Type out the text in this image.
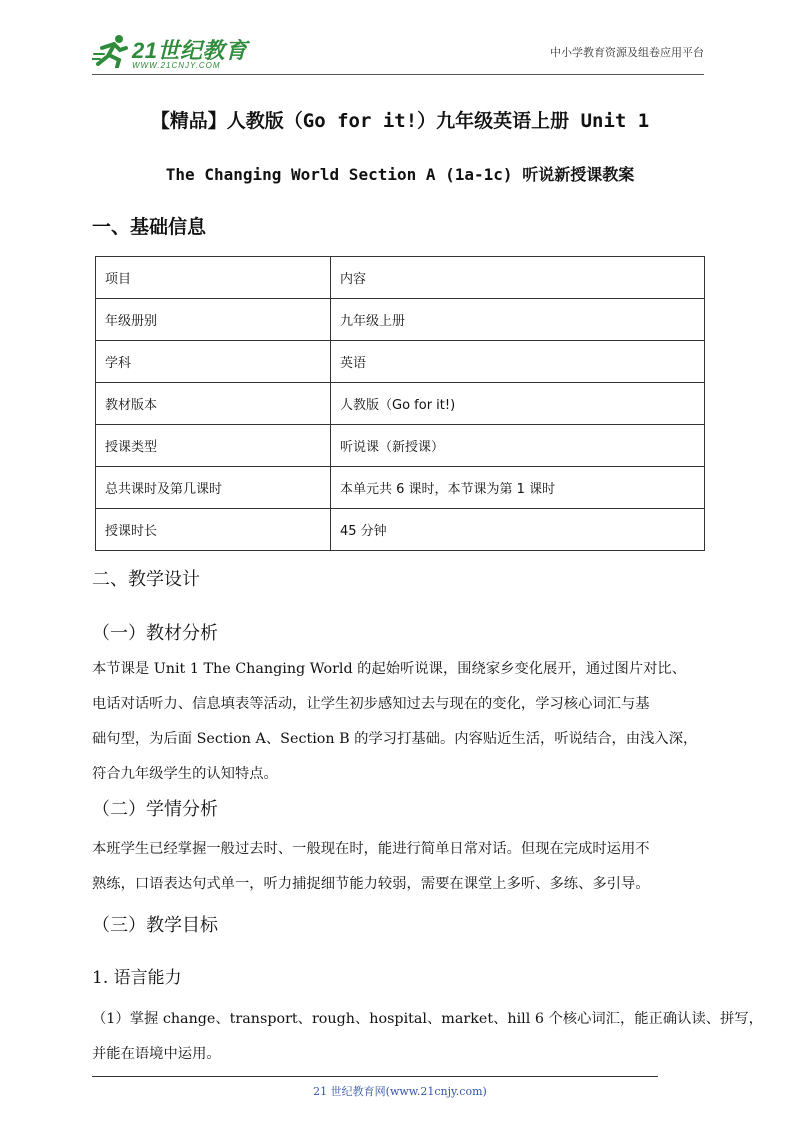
21世纪教育
WWW.21CNJY.COM
中小学教育资源及组卷应用平台
【精品】人教版（Go for it!）九年级英语上册 Unit 1
The Changing World Section A (1a-1c) 听说新授课教案
一、基础信息
项目	内容
年级册别	九年级上册
学科	英语
教材版本	人教版（Go for it!)
授课类型	听说课（新授课）
总共课时及第几课时	本单元共 6 课时，本节课为第 1 课时
授课时长	45 分钟
二、教学设计
（一）教材分析
本节课是 Unit 1 The Changing World 的起始听说课，围绕家乡变化展开，通过图片对比、
电话对话听力、信息填表等活动，让学生初步感知过去与现在的变化，学习核心词汇与基
础句型，为后面 Section A、Section B 的学习打基础。内容贴近生活，听说结合，由浅入深，
符合九年级学生的认知特点。
（二）学情分析
本班学生已经掌握一般过去时、一般现在时，能进行简单日常对话。但现在完成时运用不
熟练，口语表达句式单一，听力捕捉细节能力较弱，需要在课堂上多听、多练、多引导。
（三）教学目标
1. 语言能力
（1）掌握 change、transport、rough、hospital、market、hill 6 个核心词汇，能正确认读、拼写，
并能在语境中运用。
21 世纪教育网(www.21cnjy.com)
